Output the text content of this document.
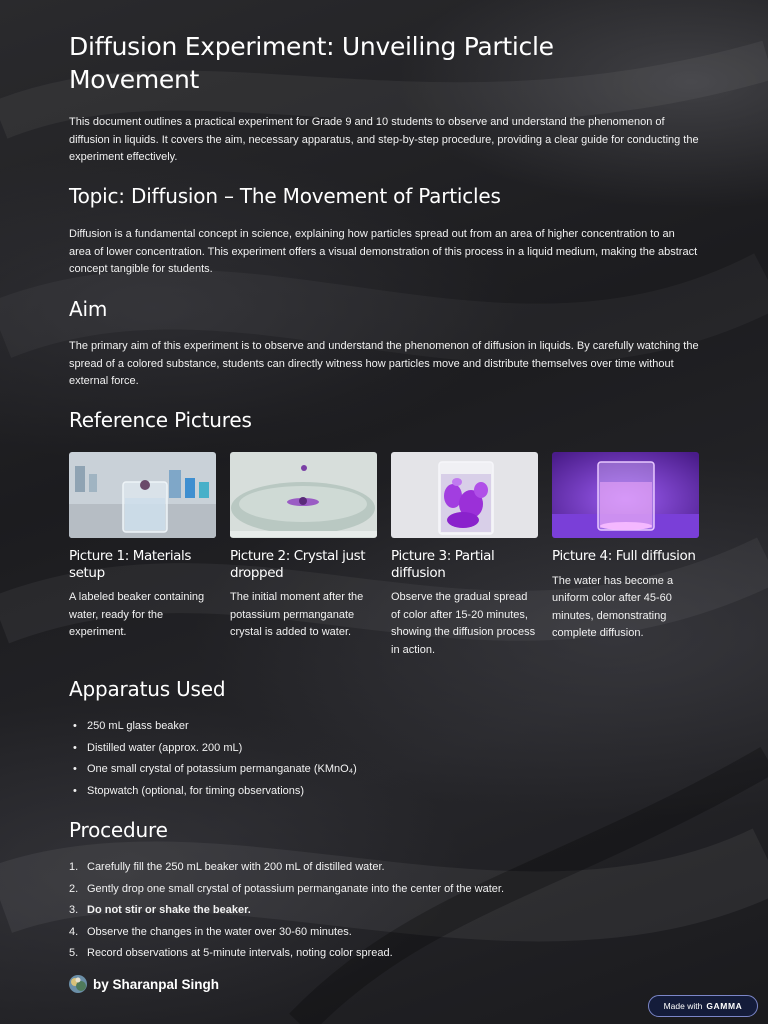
Diffusion Experiment: Unveiling Particle Movement

This document outlines a practical experiment for Grade 9 and 10 students to observe and understand the phenomenon of diffusion in liquids. It covers the aim, necessary apparatus, and step-by-step procedure, providing a clear guide for conducting the experiment effectively.

Topic: Diffusion – The Movement of Particles

Diffusion is a fundamental concept in science, explaining how particles spread out from an area of higher concentration to an area of lower concentration. This experiment offers a visual demonstration of this process in a liquid medium, making the abstract concept tangible for students.

Aim

The primary aim of this experiment is to observe and understand the phenomenon of diffusion in liquids. By carefully watching the spread of a colored substance, students can directly witness how particles move and distribute themselves over time without external force.

Reference Pictures
Picture 1: Materials setup
A labeled beaker containing water, ready for the experiment.
Picture 2: Crystal just dropped
The initial moment after the potassium permanganate crystal is added to water.
Picture 3: Partial diffusion
Observe the gradual spread of color after 15-20 minutes, showing the diffusion process in action.
Picture 4: Full diffusion
The water has become a uniform color after 45-60 minutes, demonstrating complete diffusion.
Apparatus Used
• 250 mL glass beaker
• Distilled water (approx. 200 mL)
• One small crystal of potassium permanganate (KMnO₄)
• Stopwatch (optional, for timing observations)
Procedure
1. Carefully fill the 250 mL beaker with 200 mL of distilled water.
2. Gently drop one small crystal of potassium permanganate into the center of the water.
3. Do not stir or shake the beaker.
4. Observe the changes in the water over 30-60 minutes.
5. Record observations at 5-minute intervals, noting color spread.
by Sharanpal Singh
Made with GAMMA
